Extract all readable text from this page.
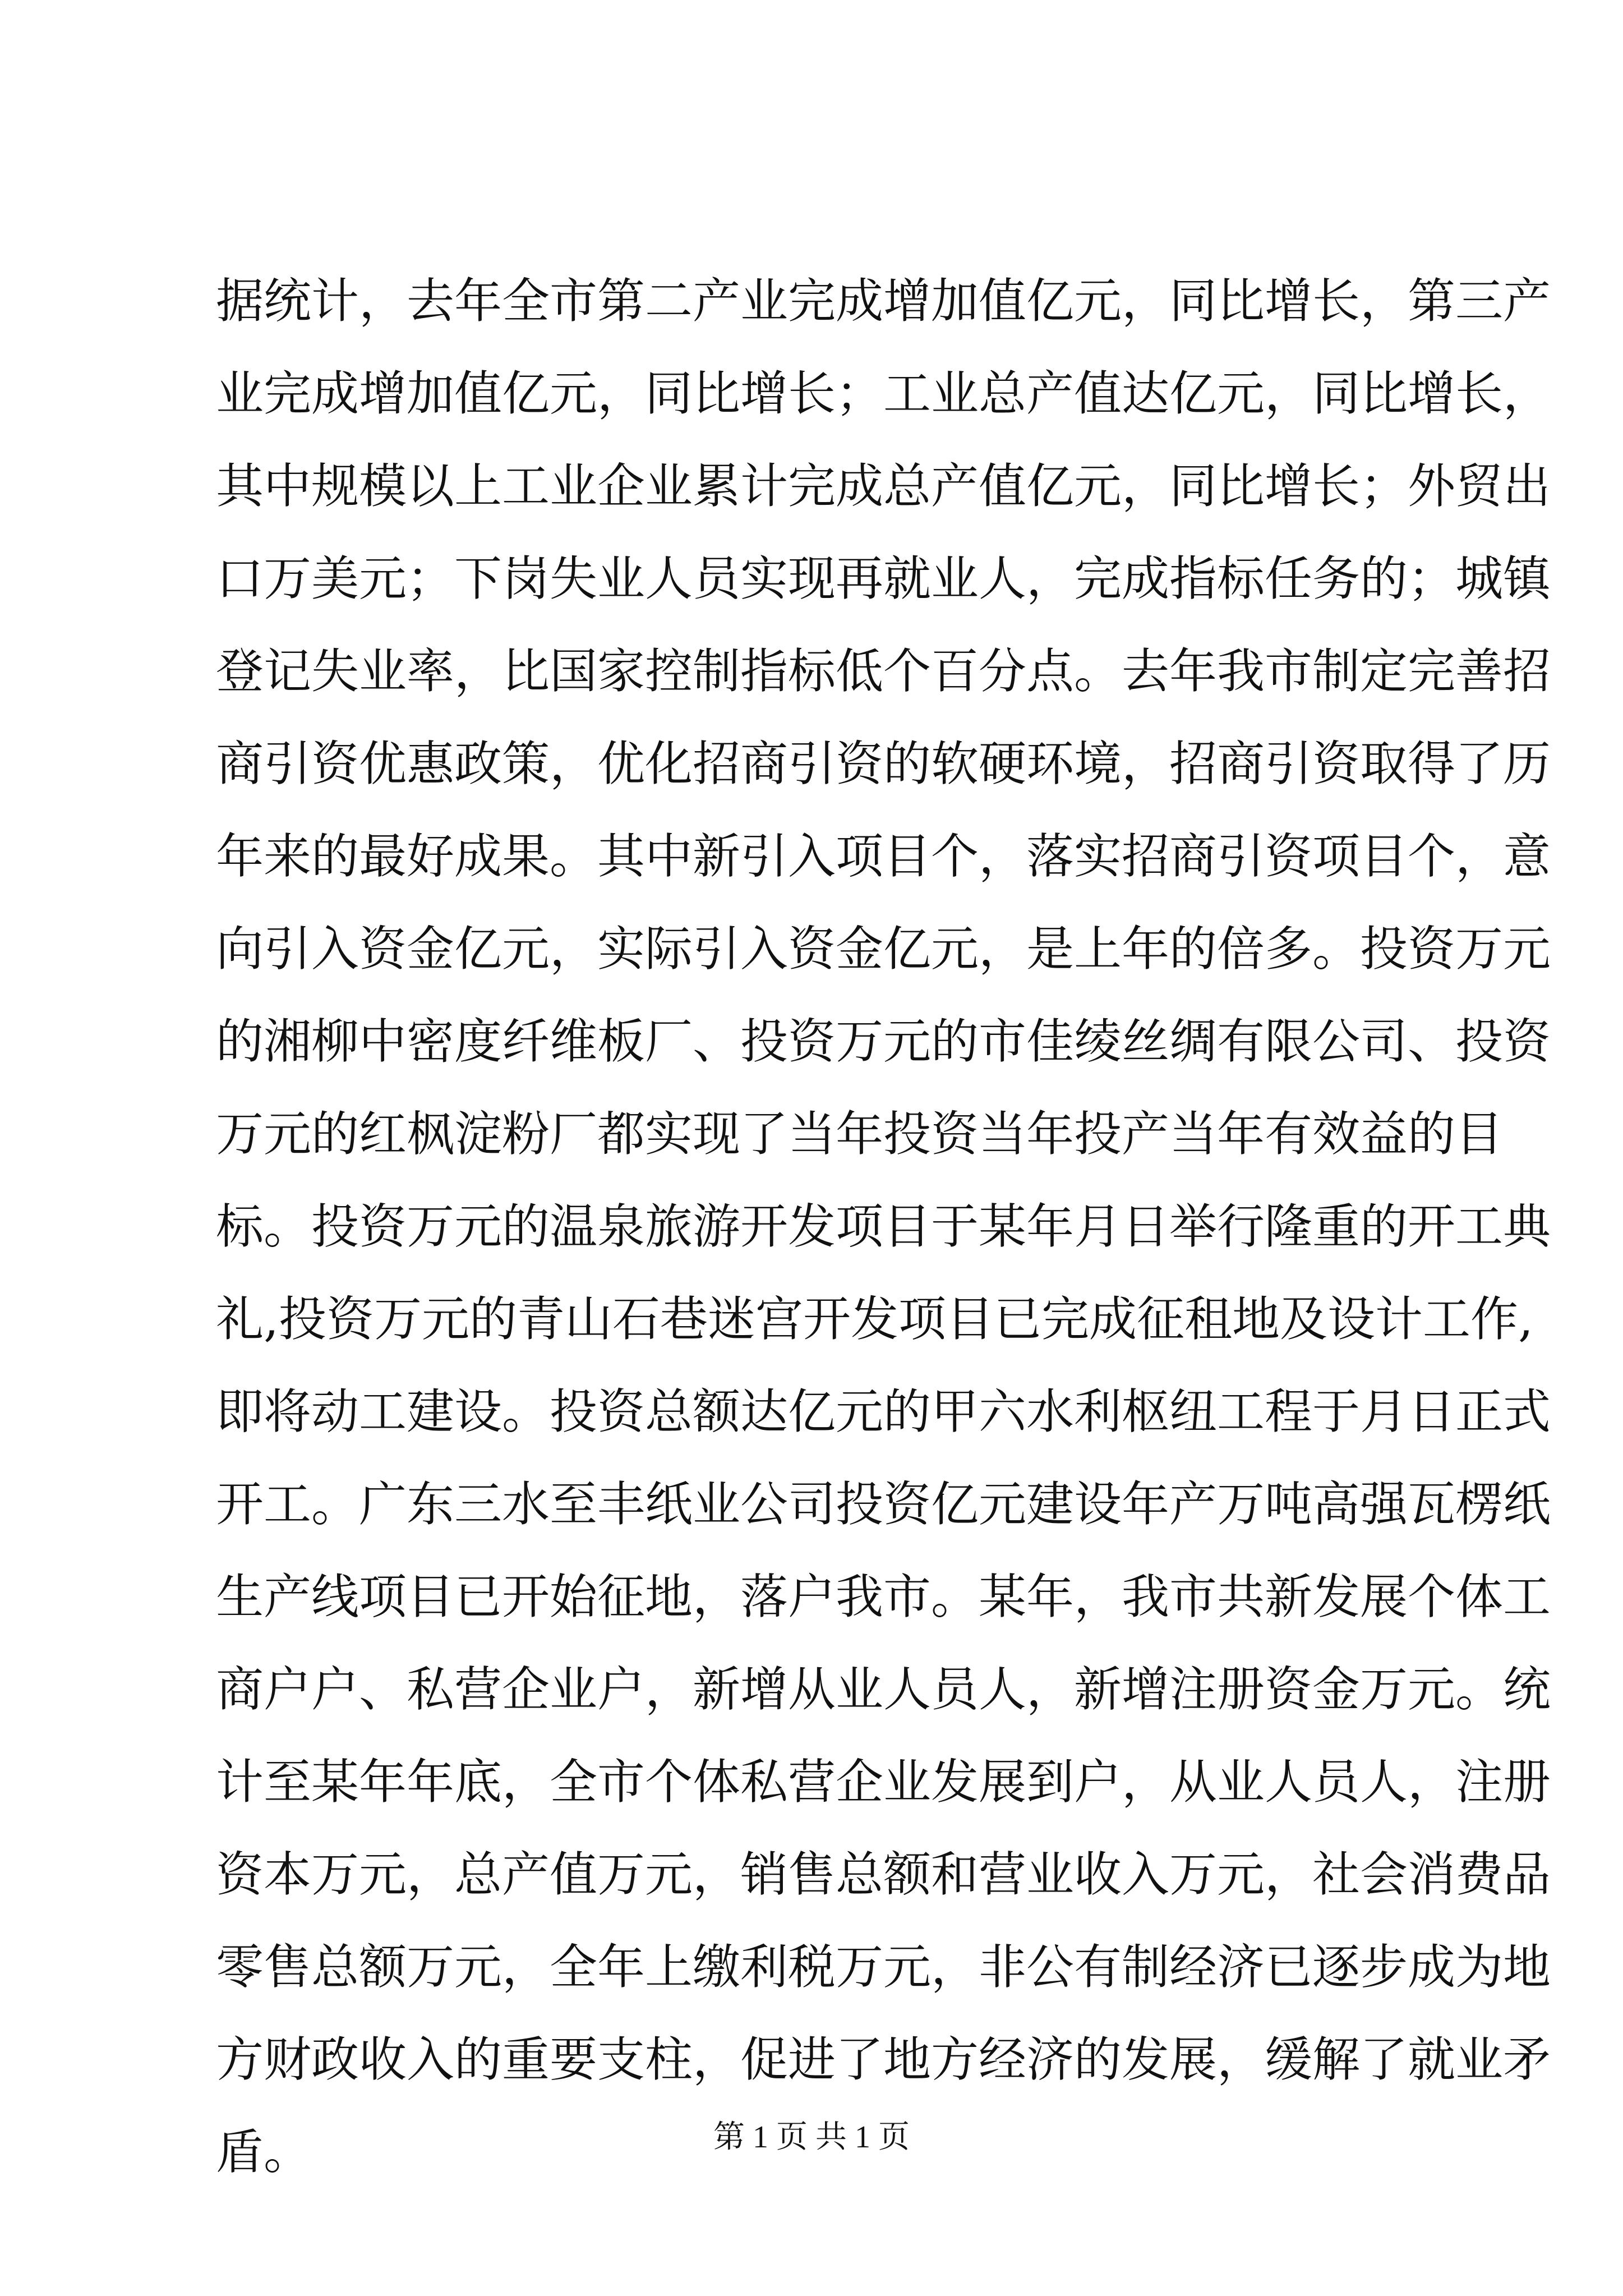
据统计，去年全市第二产业完成增加值亿元，同比增长，第三产
业完成增加值亿元，同比增长；工业总产值达亿元，同比增长，
其中规模以上工业企业累计完成总产值亿元，同比增长；外贸出
口万美元；下岗失业人员实现再就业人，完成指标任务的；城镇
登记失业率，比国家控制指标低个百分点。去年我市制定完善招
商引资优惠政策，优化招商引资的软硬环境，招商引资取得了历
年来的最好成果。其中新引入项目个，落实招商引资项目个，意
向引入资金亿元，实际引入资金亿元，是上年的倍多。投资万元
的湘柳中密度纤维板厂、投资万元的市佳绫丝绸有限公司、投资
万元的红枫淀粉厂都实现了当年投资当年投产当年有效益的目
标。投资万元的温泉旅游开发项目于某年月日举行隆重的开工典
礼,投资万元的青山石巷迷宫开发项目已完成征租地及设计工作,
即将动工建设。投资总额达亿元的甲六水利枢纽工程于月日正式
开工。广东三水至丰纸业公司投资亿元建设年产万吨高强瓦楞纸
生产线项目已开始征地，落户我市。某年，我市共新发展个体工
商户户、私营企业户，新增从业人员人，新增注册资金万元。统
计至某年年底，全市个体私营企业发展到户，从业人员人，注册
资本万元，总产值万元，销售总额和营业收入万元，社会消费品
零售总额万元，全年上缴利税万元，非公有制经济已逐步成为地
方财政收入的重要支柱，促进了地方经济的发展，缓解了就业矛
盾。	第 1 页 共 1 页
